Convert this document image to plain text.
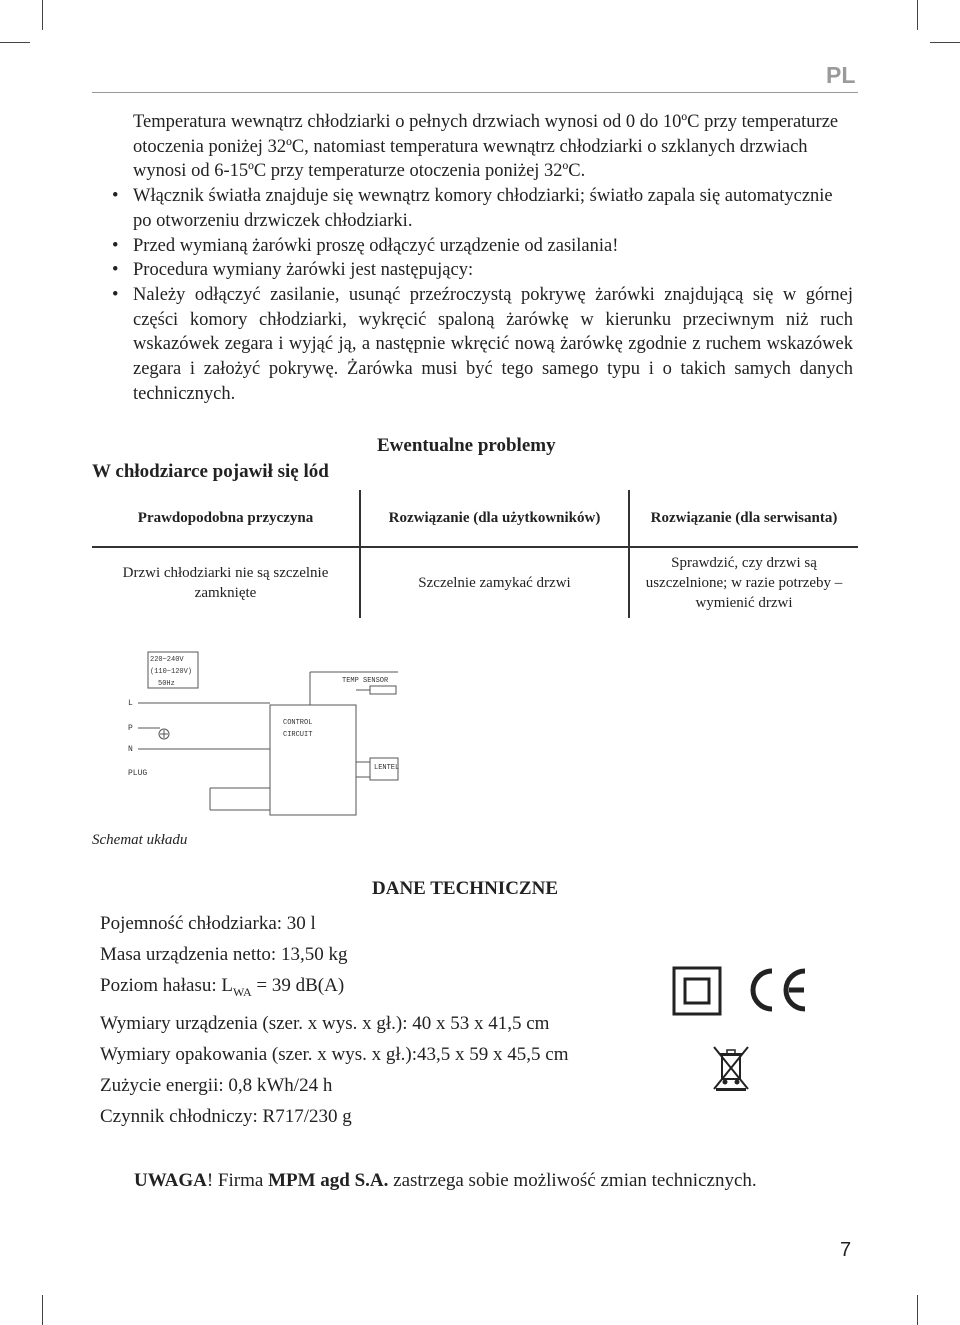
PL

Temperatura wewnątrz chłodziarki o pełnych drzwiach wynosi od 0 do 10ºC przy temperaturze otoczenia poniżej 32ºC, natomiast temperatura wewnątrz chłodziarki o szklanych drzwiach wynosi od 6-15ºC przy temperaturze otoczenia poniżej 32ºC.

• Włącznik światła znajduje się wewnątrz komory chłodziarki; światło zapala się automatycznie po otworzeniu drzwiczek chłodziarki.

• Przed wymianą żarówki proszę odłączyć urządzenie od zasilania!

• Procedura wymiany żarówki jest następujący:

• Należy odłączyć zasilanie, usunąć przeźroczystą pokrywę żarówki znajdującą się w górnej części komory chłodziarki, wykręcić spaloną żarówkę w kierunku przeciwnym niż ruch wskazówek zegara i wyjąć ją, a następnie wkręcić nową żarówkę zgodnie z ruchem wskazówek zegara i założyć pokrywę. Żarówka musi być tego samego typu i o takich samych danych technicznych.

Ewentualne problemy
W chłodziarce pojawił się lód
Prawdopodobna przyczyna	Rozwiązanie (dla użytkowników)	Rozwiązanie (dla serwisanta)
Drzwi chłodziarki nie są szczelnie zamknięte	Szczelnie zamykać drzwi	Sprawdzić, czy drzwi są uszczelnione; w razie potrzeby – wymienić drzwi
220~240V
(110~120V)
50Hz
L
P
N
PLUG
CONTROL
CIRCUIT
TEMP SENSOR
LENTEL
Schemat układu
DANE TECHNICZNE
Pojemność chłodziarka: 30 l
Masa urządzenia netto: 13,50 kg
Poziom hałasu: $L_{WA} = 39$ dB(A)
Wymiary urządzenia (szer. x wys. x gł.): 40 x 53 x 41,5 cm
Wymiary opakowania (szer. x wys. x gł.):43,5 x 59 x 45,5 cm
Zużycie energii: 0,8 kWh/24 h
Czynnik chłodniczy: R717/230 g
UWAGA! Firma MPM agd S.A. zastrzega sobie możliwość zmian technicznych.
7
